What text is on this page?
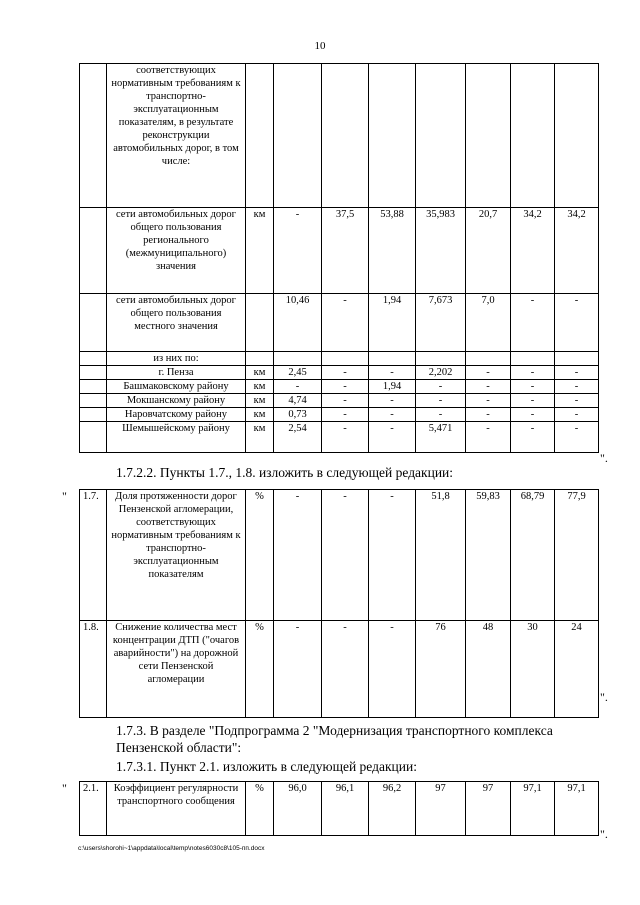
10
	соответствующих нормативным требованиям к транспортно-эксплуатационным показателям, в результате реконструкции автомобильных дорог, в том числе:								
	сети автомобильных дорог общего пользования регионального (межмуниципального) значения	км	-	37,5	53,88	35,983	20,7	34,2	34,2
	сети автомобильных дорог общего пользования местного значения		10,46	-	1,94	7,673	7,0	-	-
	из них по:								
	г. Пенза	км	2,45	-	-	2,202	-	-	-
	Башмаковскому району	км	-	-	1,94	-	-	-	-
	Мокшанскому району	км	4,74	-	-	-	-	-	-
	Наровчатскому району	км	0,73	-	-	-	-	-	-
	Шемышейскому району	км	2,54	-	-	5,471	-	-	-
".
1.7.2.2. Пункты 1.7., 1.8. изложить в следующей редакции:
" 1.7.	Доля протяженности дорог Пензенской агломерации, соответствующих нормативным требованиям к транспортно-эксплуатационным показателям	%	-	-	-	51,8	59,83	68,79	77,9
1.8.	Снижение количества мест концентрации ДТП ("очагов аварийности") на дорожной сети Пензенской агломерации	%	-	-	-	76	48	30	24
".
1.7.3. В разделе "Подпрограмма 2 "Модернизация транспортного комплекса Пензенской области":
1.7.3.1. Пункт 2.1. изложить в следующей редакции:
" 2.1.	Коэффициент регулярности транспортного сообщения	%	96,0	96,1	96,2	97	97	97,1	97,1
".
c:\users\shorohi~1\appdata\local\temp\notes6030c8\105-пп.docx
